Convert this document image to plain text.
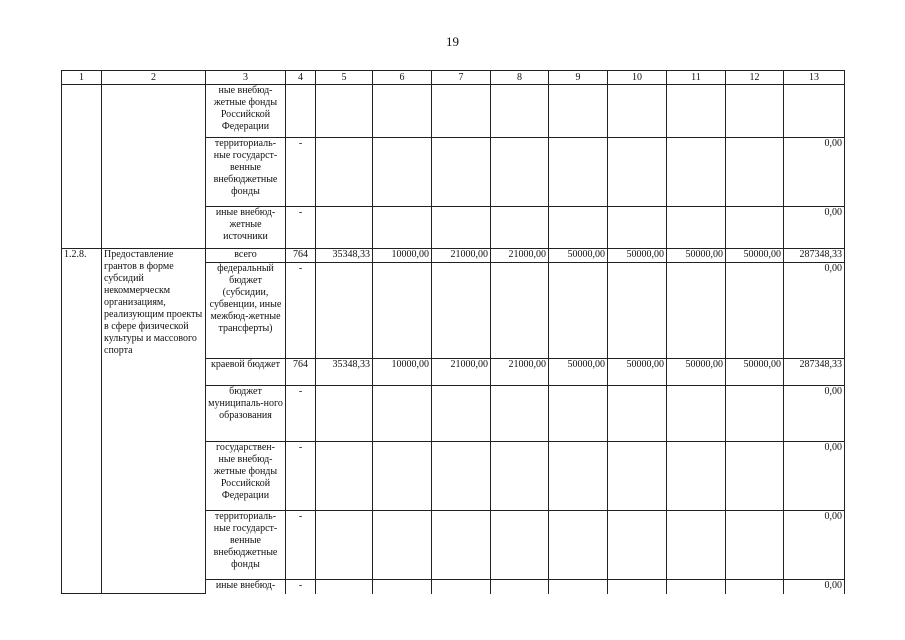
19
1	2	3	4	5	6	7	8	9	10	11	12	13
		ные внебюд-жетные фонды Российской Федерации										
		территориаль-ные государст-венные внебюджетные фонды	-									0,00
		иные внебюд-жетные источники	-									0,00
1.2.8.	Предоставление грантов в форме субсидий некоммерческм организациям, реализующим проекты в сфере физической культуры и массового спорта	всего	764	35348,33	10000,00	21000,00	21000,00	50000,00	50000,00	50000,00	50000,00	287348,33
		федеральный бюджет (субсидии, субвенции, иные межбюд-жетные трансферты)	-									0,00
		краевой бюджет	764	35348,33	10000,00	21000,00	21000,00	50000,00	50000,00	50000,00	50000,00	287348,33
		бюджет муниципаль-ного образования	-									0,00
		государствен-ные внебюд-жетные фонды Российской Федерации	-									0,00
		территориаль-ные государст-венные внебюджетные фонды	-									0,00
		иные внебюд-	-									0,00
